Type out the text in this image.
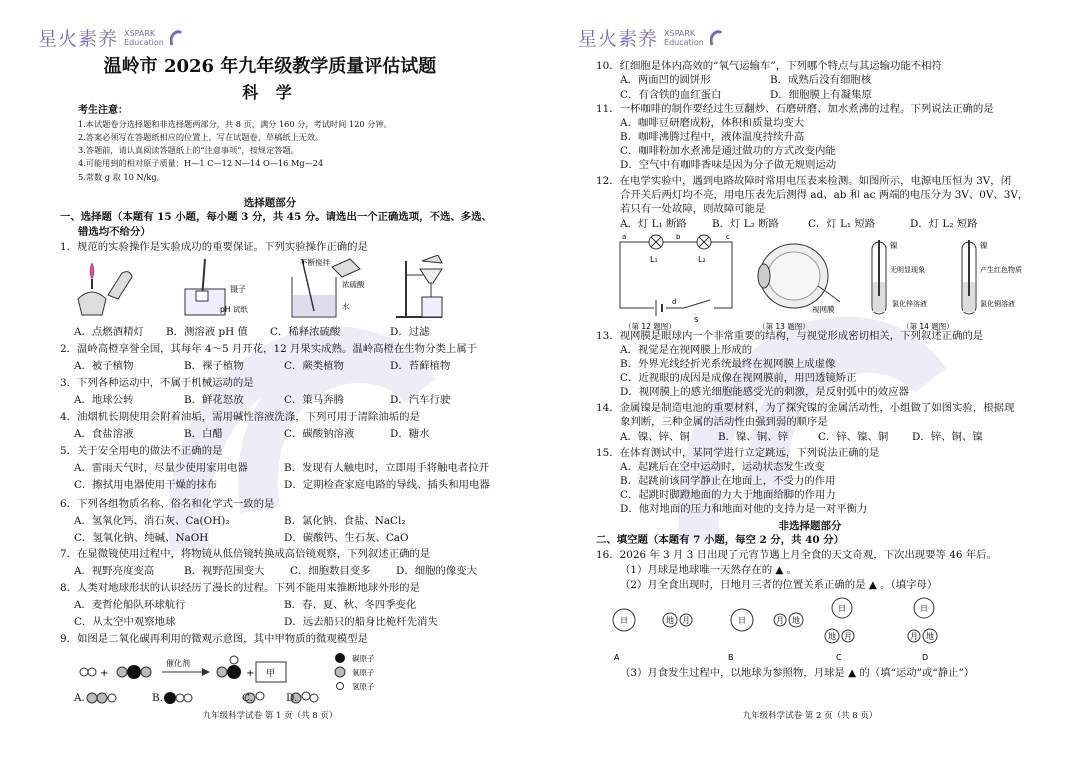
星火素养 XSPARK
Education
温岭市 2026 年九年级教学质量评估试题
科 学
考生注意：
1.本试题卷分选择题和非选择题两部分，共 8 页，满分 160 分，考试时间 120 分钟。
2.答案必须写在答题纸相应的位置上，写在试题卷、草稿纸上无效。
3.答题前，请认真阅读答题纸上的“注意事项”，按规定答题。
4.可能用到的相对原子质量：H—1 C—12 N—14 O—16 Mg—24
5.常数 g 取 10 N/kg。
选择题部分
一、选择题（本题有 15 小题，每小题 3 分，共 45 分。请选出一个正确选项，不选、多选、
错选均不给分）
1．规范的实验操作是实验成功的重要保证。下列实验操作正确的是
镊子
pH 试纸
不断搅拌
浓硫酸
水
A．点燃酒精灯 B．测溶液 pH 值 C．稀释浓硫酸	D．过滤
2．温岭高橙享誉全国，其每年 4～5 月开花，12 月果实成熟。温岭高橙在生物分类上属于
A．被子植物	B．裸子植物	C．蕨类植物	D．苔藓植物
3．下列各种运动中，不属于机械运动的是
A．地球公转	B．鲜花怒放	C．策马奔腾	D．汽车行驶
4．油烟机长期使用会附着油垢，需用碱性溶液洗涤，下列可用于清除油垢的是
A．食盐溶液	B．白醋	C．碳酸钠溶液	D．糖水
5．关于安全用电的做法不正确的是
A．雷雨天气时，尽量少使用家用电器	B．发现有人触电时，立即用手将触电者拉开
C．擦拭用电器使用干燥的抹布	D．定期检查家庭电路的导线、插头和用电器
6．下列各组物质名称、俗名和化学式一致的是
A．氢氧化钙、消石灰、Ca(OH)₂	B．氯化钠、食盐、NaCl₂
C．氢氧化钠、纯碱、NaOH	D．碳酸钙、生石灰、CaO
7．在显微镜使用过程中，将物镜从低倍镜转换成高倍镜观察，下列叙述正确的是
A．视野亮度变高	B．视野范围变大 C．细胞数目变多 D．细胞的像变大
8．人类对地球形状的认识经历了漫长的过程。下列不能用来推断地球外形的是
A．麦哲伦船队环球航行	B．春、夏、秋、冬四季变化
C．从太空中观察地球	D．远去船只的船身比桅杆先消失
9．如图是二氧化碳再利用的微观示意图，其中甲物质的微观模型是
+
催化剂
+ 甲
碳原子
氧原子
氢原子
A.	B.	C.	D.
九年级科学试卷 第 1 页（共 8 页）
星火素养 XSPARK
Education
10．红细胞是体内高效的“氧气运输车”，下列哪个特点与其运输功能不相符
A．两面凹的圆饼形	B．成熟后没有细胞核
C．有含铁的血红蛋白	D．细胞膜上有凝集原
11．一杯咖啡的制作要经过生豆翻炒、石磨研磨、加水煮沸的过程。下列说法正确的是
A．咖啡豆研磨成粉，体积和质量均变大
B．咖啡沸腾过程中，液体温度持续升高
C．咖啡粉加水煮沸是通过做功的方式改变内能
D．空气中有咖啡香味是因为分子做无规则运动
12．在电学实验中，遇到电路故障时常用电压表来检测。如图所示，电源电压恒为 3V，闭
合开关后两灯均不亮，用电压表先后测得 ad、ab 和 ac 两端的电压分为 3V、0V、3V，
若只有一处故障，则故障可能是
A．灯 L₁ 断路 B．灯 L₂ 断路	C．灯 L₁ 短路	D．灯 L₂ 短路
L₁	L₂
a	b	c
d
S
（第 12 题图）
视网膜
（第 13 题图）
镍
无明显现象
氯化锌溶液
镍
产生红色物质
氯化铜溶液
（第 14 题图）
13．视网膜是眼球内一个非常重要的结构，与视觉形成密切相关，下列叙述正确的是
A．视觉是在视网膜上形成的
B．外界光线经折光系统最终在视网膜上成虚像
C．近视眼的成因是成像在视网膜前，用凹透镜矫正
D．视网膜上的感光细胞能感受光的刺激，是反射弧中的效应器
14．金属镍是制造电池的重要材料，为了探究镍的金属活动性，小组做了如图实验，根据现
象判断，三种金属的活动性由强到弱的顺序是
A．镍、锌、铜	B．镍、铜、锌	C．锌、镍、铜 D．锌、铜、镍
15．在体育测试中，某同学进行立定跳远，下列说法正确的是
A．起跳后在空中运动时，运动状态发生改变
B．起跳前该同学静止在地面上，不受力的作用
C．起跳时脚蹬地面的力大于地面给脚的作用力
D．他对地面的压力和地面对他的支持力是一对平衡力
非选择题部分
二、填空题（本题有 7 小题，每空 2 分，共 40 分）
16．2026 年 3 月 3 日出现了元宵节遇上月全食的天文奇观，下次出现要等 46 年后。
（1）月球是地球唯一天然存在的 ▲ 。
（2）月全食出现时，日地月三者的位置关系正确的是 ▲ 。（填字母）
日	地 月
A
日	月 地
B
日
地 月
C
日
月 地
D
（3）月食发生过程中，以地球为参照物，月球是 ▲ 的（填“运动”或“静止”）
九年级科学试卷 第 2 页（共 8 页）
